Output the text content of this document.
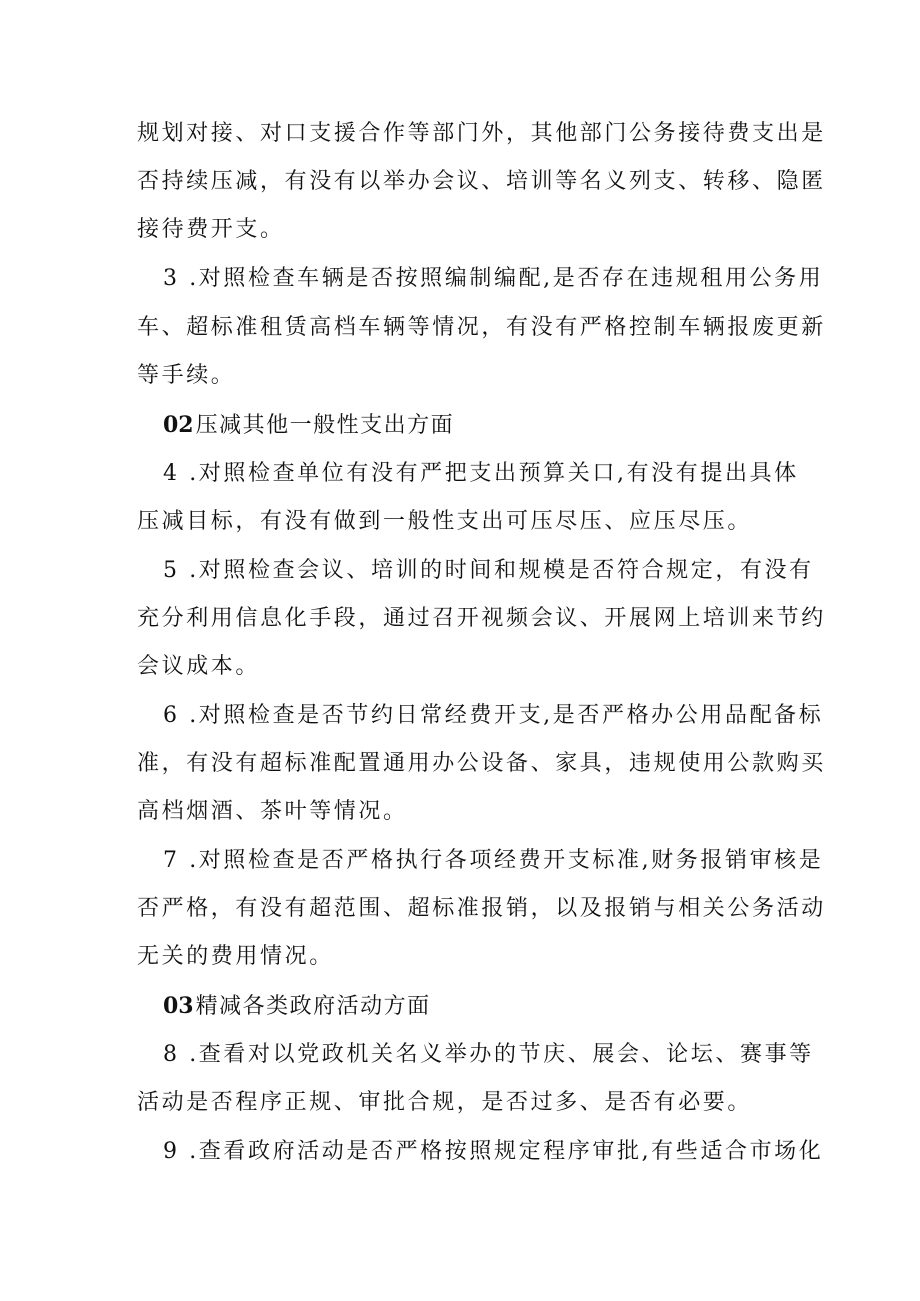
规划对接、对口支援合作等部门外，其他部门公务接待费支出是
否持续压减，有没有以举办会议、培训等名义列支、转移、隐匿
接待费开支。
3 .对照检查车辆是否按照编制编配,是否存在违规租用公务用
车、超标准租赁高档车辆等情况，有没有严格控制车辆报废更新
等手续。
02压减其他一般性支出方面
4 .对照检查单位有没有严把支出预算关口,有没有提出具体
压减目标，有没有做到一般性支出可压尽压、应压尽压。
5 .对照检查会议、培训的时间和规模是否符合规定，有没有
充分利用信息化手段，通过召开视频会议、开展网上培训来节约
会议成本。
6 .对照检查是否节约日常经费开支,是否严格办公用品配备标
准，有没有超标准配置通用办公设备、家具，违规使用公款购买
高档烟酒、茶叶等情况。
7 .对照检查是否严格执行各项经费开支标准,财务报销审核是
否严格，有没有超范围、超标准报销，以及报销与相关公务活动
无关的费用情况。
03精减各类政府活动方面
8 .查看对以党政机关名义举办的节庆、展会、论坛、赛事等
活动是否程序正规、审批合规，是否过多、是否有必要。
9 .查看政府活动是否严格按照规定程序审批,有些适合市场化
